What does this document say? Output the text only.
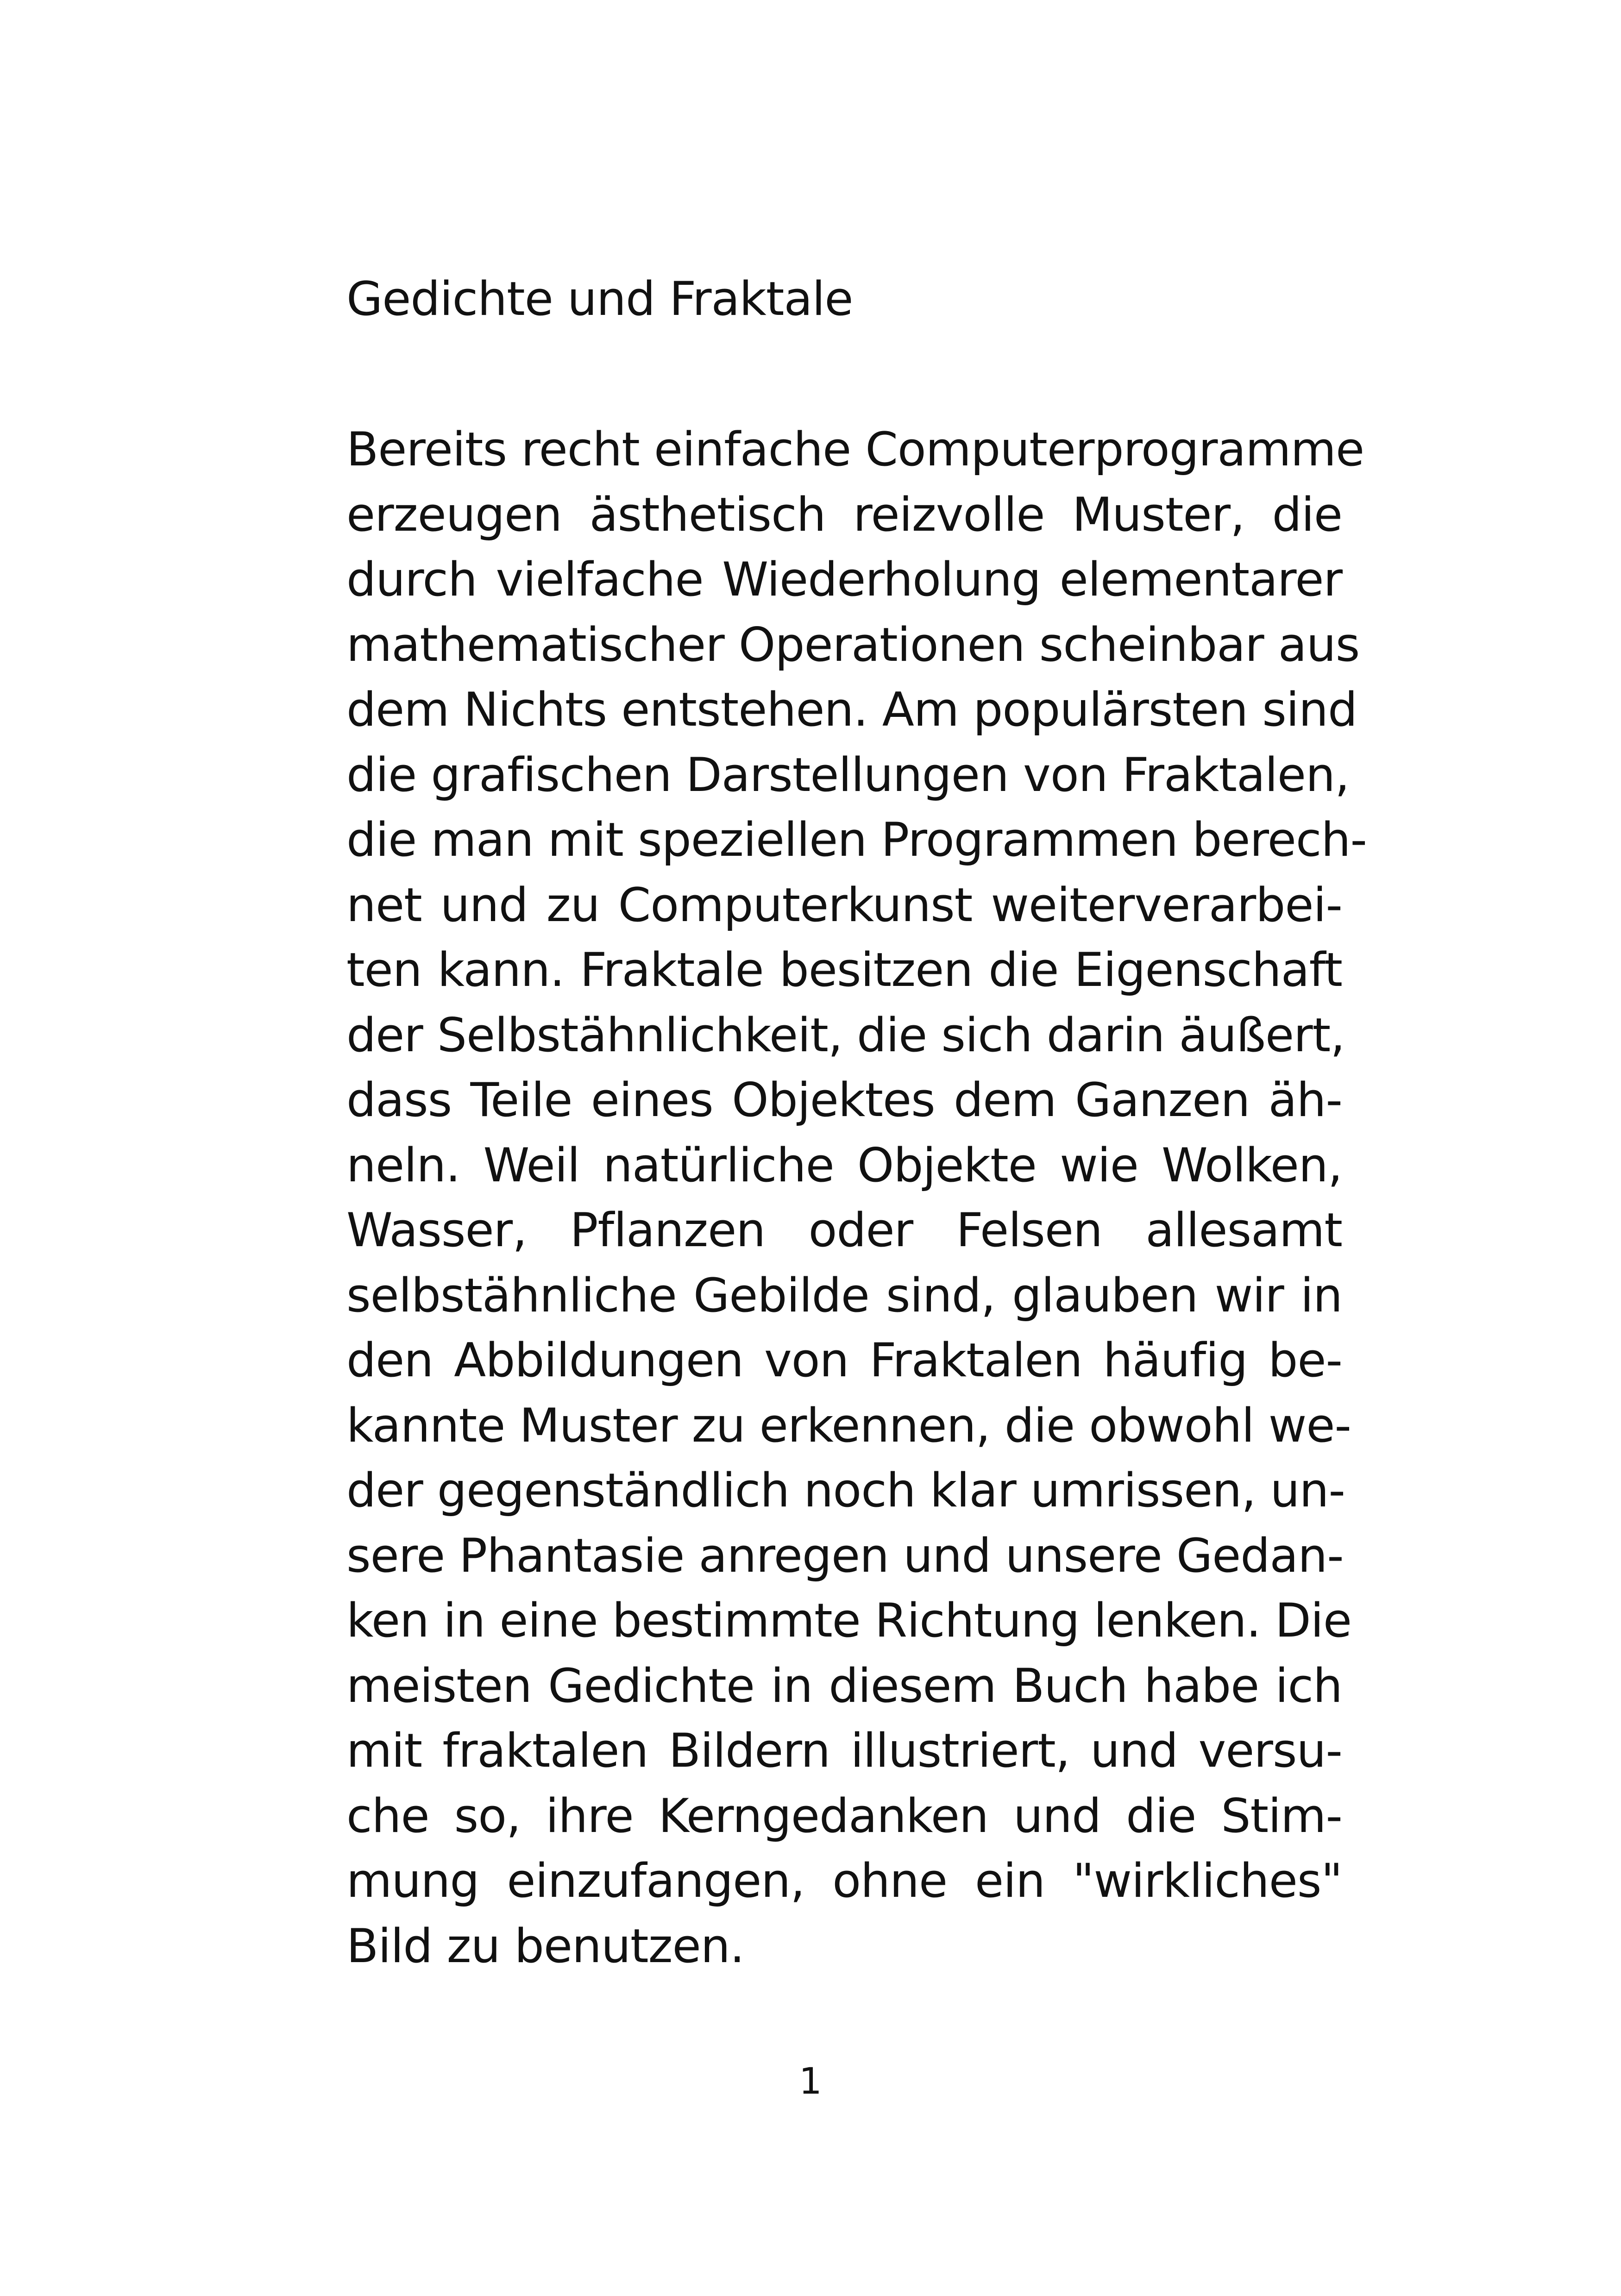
Gedichte und Fraktale
Bereits recht einfache Computerprogramme
erzeugen ästhetisch reizvolle Muster, die
durch vielfache Wiederholung elementarer
mathematischer Operationen scheinbar aus
dem Nichts entstehen. Am populärsten sind
die grafischen Darstellungen von Fraktalen,
die man mit speziellen Programmen berech-
net und zu Computerkunst weiterverarbei-
ten kann. Fraktale besitzen die Eigenschaft
der Selbstähnlichkeit, die sich darin äußert,
dass Teile eines Objektes dem Ganzen äh-
neln. Weil natürliche Objekte wie Wolken,
Wasser, Pflanzen oder Felsen allesamt
selbstähnliche Gebilde sind, glauben wir in
den Abbildungen von Fraktalen häufig be-
kannte Muster zu erkennen, die obwohl we-
der gegenständlich noch klar umrissen, un-
sere Phantasie anregen und unsere Gedan-
ken in eine bestimmte Richtung lenken. Die
meisten Gedichte in diesem Buch habe ich
mit fraktalen Bildern illustriert, und versu-
che so, ihre Kerngedanken und die Stim-
mung einzufangen, ohne ein "wirkliches"
Bild zu benutzen.
1
